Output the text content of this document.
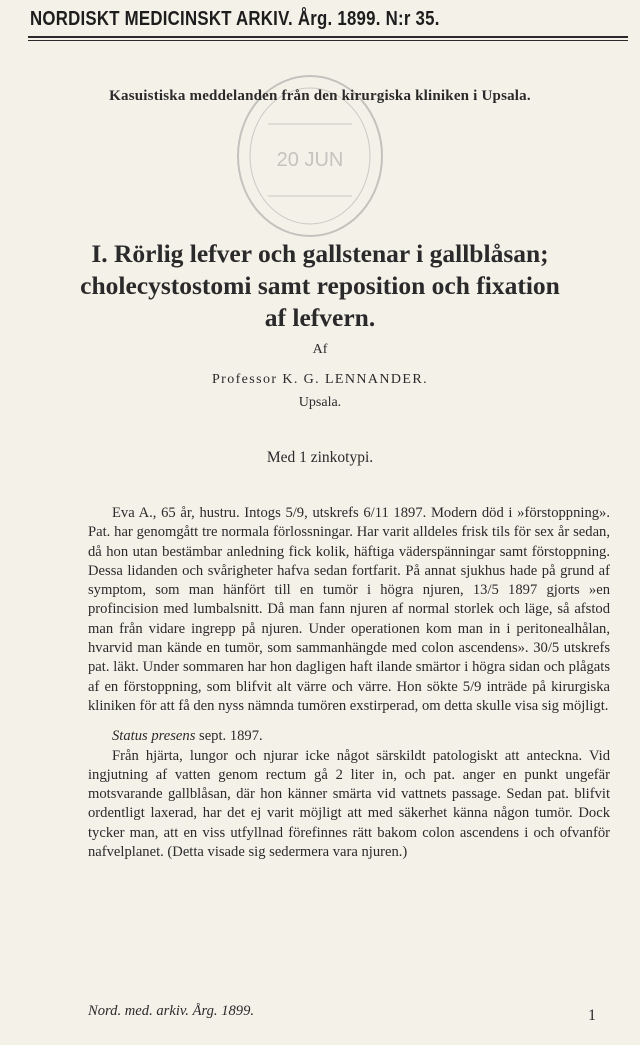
NORDISKT MEDICINSKT ARKIV. Årg. 1899. N:r 35.
20 JUN
Kasuistiska meddelanden från den kirurgiska kliniken i Upsala.
I. Rörlig lefver och gallstenar i gallblåsan;
cholecystostomi samt reposition och fixation
af lefvern.
Af
Professor K. G. LENNANDER.
Upsala.
Med 1 zinkotypi.

Eva A., 65 år, hustru. Intogs 5/9, utskrefs 6/11 1897. Modern död i »förstoppning». Pat. har genomgått tre normala förlossningar. Har varit alldeles frisk tils för sex år sedan, då hon utan bestämbar anledning fick kolik, häftiga väderspänningar samt förstoppning. Dessa lidanden och svårigheter hafva sedan fortfarit. På annat sjukhus hade på grund af symptom, som man hänfört till en tumör i högra njuren, 13/5 1897 gjorts »en profincision med lumbalsnitt. Då man fann njuren af normal storlek och läge, så afstod man från vidare ingrepp på njuren. Under operationen kom man in i peritonealhålan, hvarvid man kände en tumör, som sammanhängde med colon ascendens». 30/5 utskrefs pat. läkt. Under sommaren har hon dagligen haft ilande smärtor i högra sidan och plågats af en förstoppning, som blifvit alt värre och värre. Hon sökte 5/9 inträde på kirurgiska kliniken för att få den nyss nämnda tumören exstirperad, om detta skulle visa sig möjligt.

Status presens sept. 1897.

Från hjärta, lungor och njurar icke något särskildt patologiskt att anteckna. Vid ingjutning af vatten genom rectum gå 2 liter in, och pat. anger en punkt ungefär motsvarande gallblåsan, där hon känner smärta vid vattnets passage. Sedan pat. blifvit ordentligt laxerad, har det ej varit möjligt att med säkerhet känna någon tumör. Dock tycker man, att en viss utfyllnad förefinnes rätt bakom colon ascendens i och ofvanför nafvelplanet. (Detta visade sig sedermera vara njuren.)

Nord. med. arkiv. Årg. 1899.	1
